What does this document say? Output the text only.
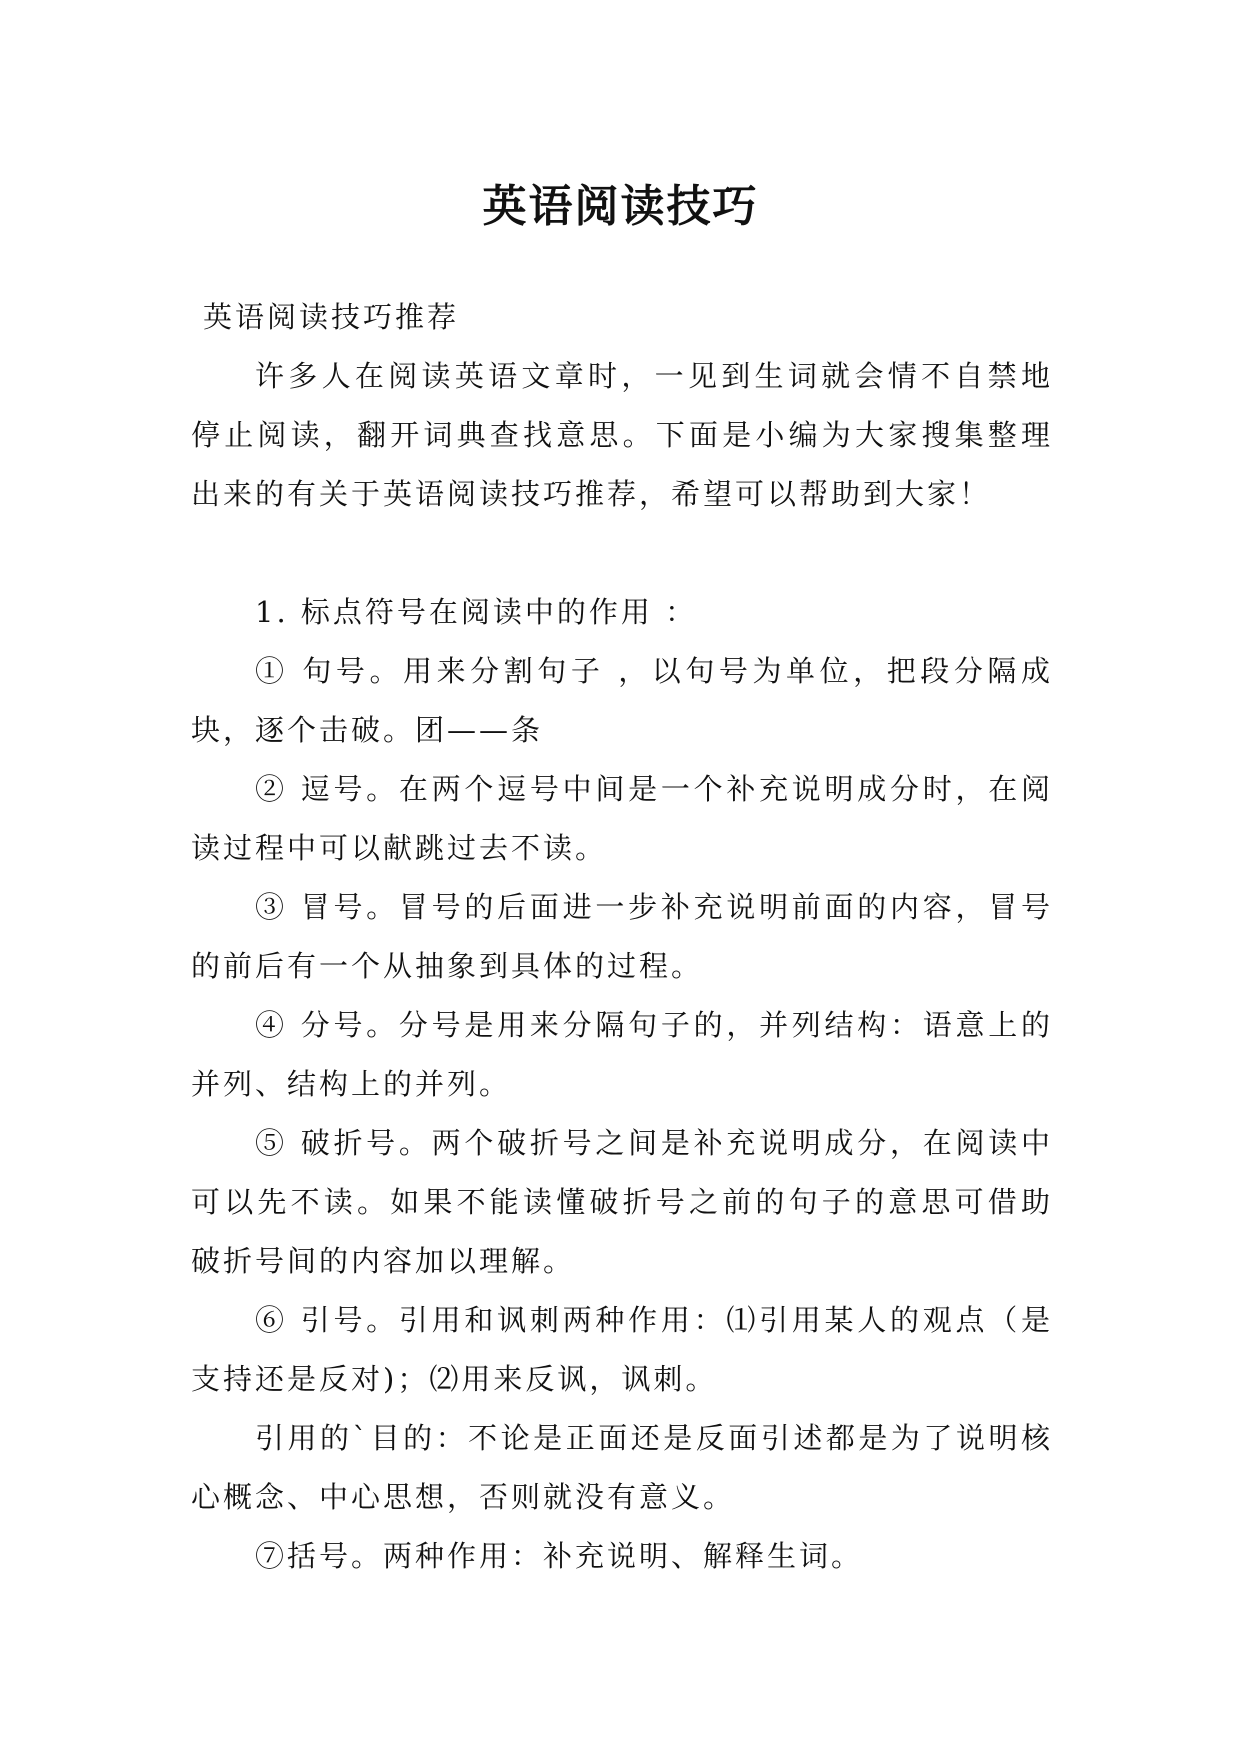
英语阅读技巧

英语阅读技巧推荐

许多人在阅读英语文章时，一见到生词就会情不自禁地停止阅读，翻开词典查找意思。下面是小编为大家搜集整理出来的有关于英语阅读技巧推荐，希望可以帮助到大家！

1. 标点符号在阅读中的作用 ：

① 句号。用来分割句子 ，以句号为单位，把段分隔成块，逐个击破。团——条

② 逗号。在两个逗号中间是一个补充说明成分时，在阅读过程中可以献跳过去不读。

③ 冒号。冒号的后面进一步补充说明前面的内容，冒号的前后有一个从抽象到具体的过程。

④ 分号。分号是用来分隔句子的，并列结构：语意上的并列、结构上的并列。

⑤ 破折号。两个破折号之间是补充说明成分，在阅读中可以先不读。如果不能读懂破折号之前的句子的意思可借助破折号间的内容加以理解。

⑥ 引号。引用和讽刺两种作用：⑴引用某人的观点（是支持还是反对)；⑵用来反讽，讽刺。

引用的`目的：不论是正面还是反面引述都是为了说明核心概念、中心思想，否则就没有意义。

⑦括号。两种作用：补充说明、解释生词。
